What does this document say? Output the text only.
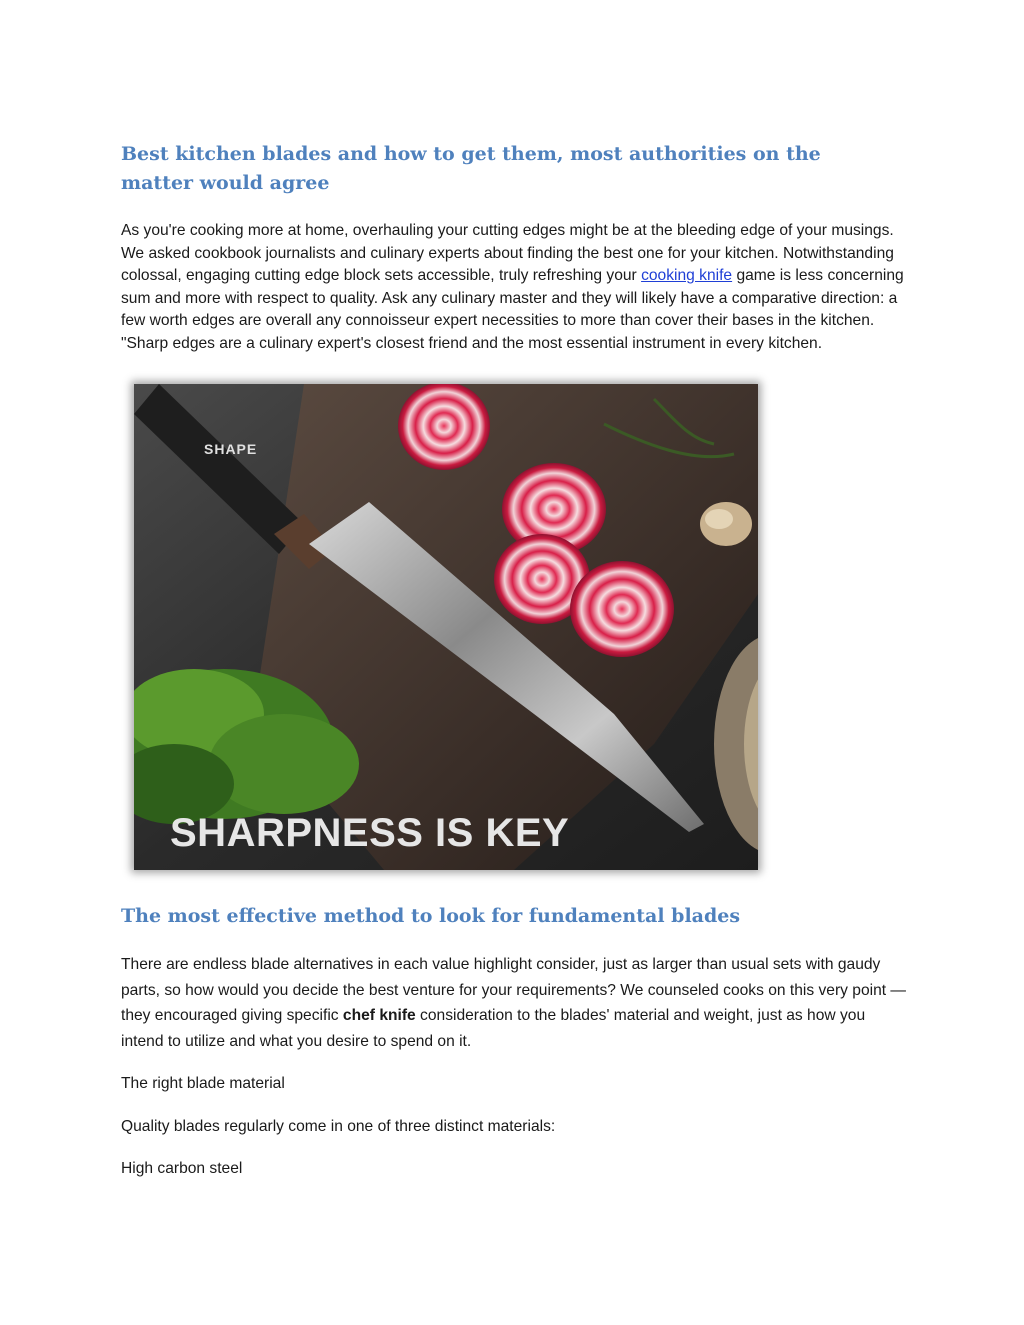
Best kitchen blades and how to get them, most authorities on the matter would agree

As you're cooking more at home, overhauling your cutting edges might be at the bleeding edge of your musings. We asked cookbook journalists and culinary experts about finding the best one for your kitchen. Notwithstanding colossal, engaging cutting edge block sets accessible, truly refreshing your cooking knife game is less concerning sum and more with respect to quality. Ask any culinary master and they will likely have a comparative direction: a few worth edges are overall any connoisseur expert necessities to more than cover their bases in the kitchen. "Sharp edges are a culinary expert's closest friend and the most essential instrument in every kitchen.

SHAPE
SHARPNESS IS KEY
The most effective method to look for fundamental blades

There are endless blade alternatives in each value highlight consider, just as larger than usual sets with gaudy parts, so how would you decide the best venture for your requirements? We counseled cooks on this very point — they encouraged giving specific chef knife consideration to the blades' material and weight, just as how you intend to utilize and what you desire to spend on it.

The right blade material

Quality blades regularly come in one of three distinct materials:

High carbon steel
